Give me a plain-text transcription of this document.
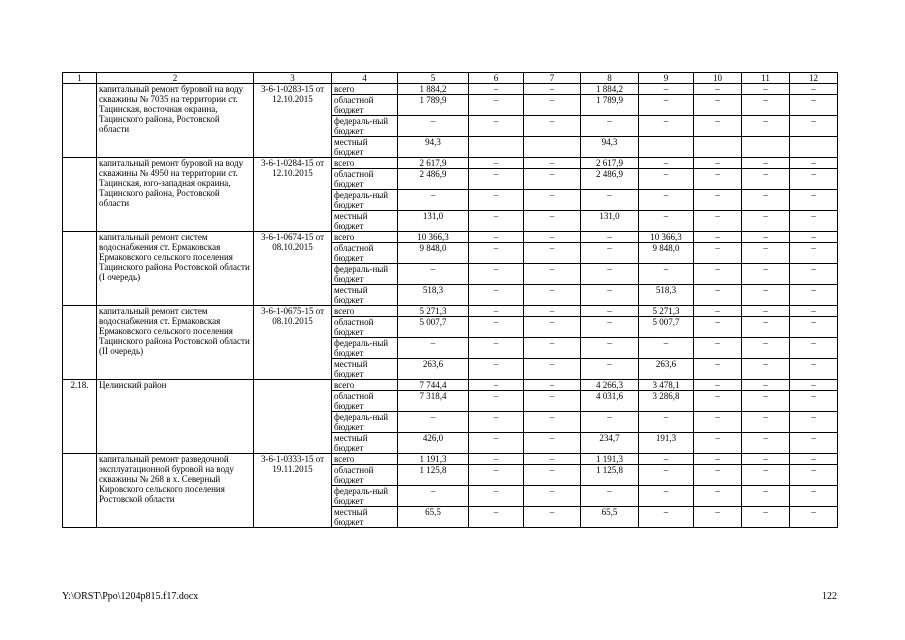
1	2	3	4	5	6	7	8	9	10	11	12
	капитальный ремонт буровой на воду скважины № 7035 на территории ст. Тацинская, восточная окраина, Тацинского района, Ростовской области	3-6-1-0283-15 от 12.10.2015	всего	1 884,2	–	–	1 884,2	–	–	–	–
			областной бюджет	1 789,9	–	–	1 789,9	–	–	–	–
			федераль-ный бюджет	–	–	–	–	–	–	–	–
			местный бюджет	94,3			94,3				
	капитальный ремонт буровой на воду скважины № 4950 на территории ст. Тацинская, юго-западная окраина, Тацинского района, Ростовской области	3-6-1-0284-15 от 12.10.2015	всего	2 617,9	–	–	2 617,9	–	–	–	–
			областной бюджет	2 486,9	–	–	2 486,9	–	–	–	–
			федераль-ный бюджет	–	–	–	–	–	–	–	–
			местный бюджет	131,0	–	–	131,0	–	–	–	–
	капитальный ремонт систем водоснабжения ст. Ермаковская Ермаковского сельского поселения Тацинского района Ростовской области (I очередь)	3-6-1-0674-15 от 08.10.2015	всего	10 366,3	–	–	–	10 366,3	–	–	–
			областной бюджет	9 848,0	–	–	–	9 848,0	–	–	–
			федераль-ный бюджет	–	–	–	–	–	–	–	–
			местный бюджет	518,3	–	–	–	518,3	–	–	–
	капитальный ремонт систем водоснабжения ст. Ермаковская Ермаковского сельского поселения Тацинского района Ростовской области (II очередь)	3-6-1-0675-15 от 08.10.2015	всего	5 271,3	–	–	–	5 271,3	–	–	–
			областной бюджет	5 007,7	–	–	–	5 007,7	–	–	–
			федераль-ный бюджет	–	–	–	–	–	–	–	–
			местный бюджет	263,6	–	–	–	263,6	–	–	–
2.18.	Целинский район		всего	7 744,4	–	–	4 266,3	3 478,1	–	–	–
			областной бюджет	7 318,4	–	–	4 031,6	3 286,8	–	–	–
			федераль-ный бюджет	–	–	–	–	–	–	–	–
			местный бюджет	426,0	–	–	234,7	191,3	–	–	–
	капитальный ремонт разведочной эксплуатационной буровой на воду скважины № 268 в х. Северный Кировского сельского поселения Ростовской области	3-6-1-0333-15 от 19.11.2015	всего	1 191,3	–	–	1 191,3	–	–	–	–
			областной бюджет	1 125,8	–	–	1 125,8	–	–	–	–
			федераль-ный бюджет	–	–	–	–	–	–	–	–
			местный бюджет	65,5	–	–	65,5	–	–	–	–
Y:\ORST\Ppo\1204p815.f17.docx	122
